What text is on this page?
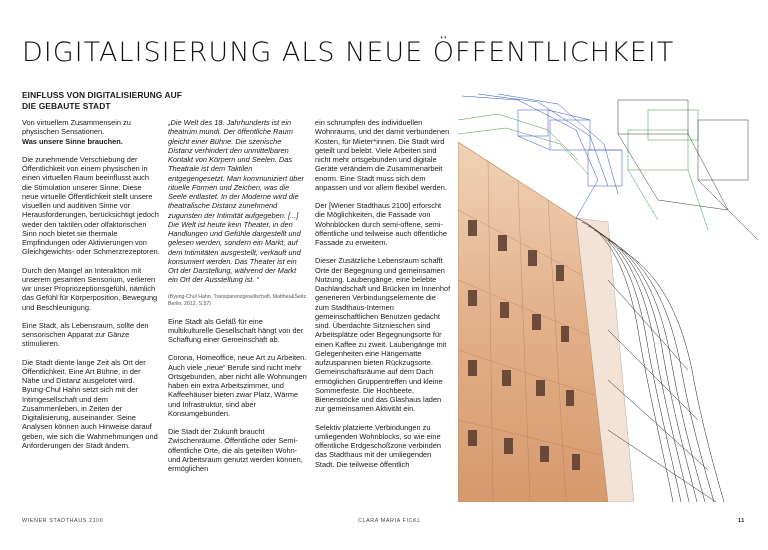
DIGITALISIERUNG ALS NEUE ÖFFENTLICHKEIT
EINFLUSS VON DIGITALISIERUNG AUF DIE GEBAUTE STADT

Von virtuellem Zusammensein zu physischen Sensationen.
Was unsere Sinne brauchen.

Die zunehmende Verschiebung der Öffentlichkeit von einem physischen in einen virtuellen Raum beeinflusst auch die Stimulation unserer Sinne. Diese neue virtuelle Öffentlichkeit stellt unsere visuellen und auditiven Sinne vor Herausforderungen, berücksichtigt jedoch weder den taktilen oder olfaktorischen Sinn noch bietet sie thermale Empfindungen oder Aktivierungen von Gleichgewichts- oder Schmerzrezeptoren.

Durch den Mangel an Interaktion mit unserem gesamten Sensorium, verlieren wir unser Propriozeptionsgefühl, nämlich das Gefühl für Körperposition, Bewegung und Beschleunigung.

Eine Stadt, als Lebensraum, sollte den sensorischen Apparat zur Gänze stimulieren.

Die Stadt diente lange Zeit als Ort der Öffentlichkeit. Eine Art Bühne, in der Nähe und Distanz ausgelotet wird. Byung-Chul Hahn setzt sich mit der Intimgesellschaft und dem Zusammenleben, in Zeiten der Digitalisierung, auseinander. Seine Analysen können auch Hinweise darauf geben, wie sich die Wahrnehmungen und Anforderungen der Stadt ändern.

„Die Welt des 18. Jahrhunderts ist ein theatrum mundi. Der öffentliche Raum gleicht einer Bühne. Die szenische Distanz verhindert den unmittelbaren Kontakt von Körpern und Seelen. Das Theatrale ist dem Taktilen entgegengesetzt. Man kommuniziert über rituelle Formen und Zeichen, was die Seele entlastet. In der Moderne wird die theatralische Distanz zunehmend zugunsten der Intimität aufgegeben. [...] Die Welt ist heute kein Theater, in den Handlungen und Gefühle dargestellt und gelesen werden, sondern ein Markt, auf dem Intimitäten ausgestellt, verkauft und konsumiert werden. Das Theater ist ein Ort der Darstellung, während der Markt ein Ort der Ausstellung ist. “

(Byung-Chul Hahn, Transparenzgesellschaft, Matthes&Seitz Berlin, 2012, S.57)

Eine Stadt als Gefäß für eine multikulturelle Gesellschaft hängt von der Schaffung einer Gemeinschaft ab.

Corona, Homeoffice, neue Art zu Arbeiten. Auch viele „neue“ Berufe sind nicht mehr Ortsgebunden, aber nicht alle Wohnungen haben ein extra Arbeitszimmer, und Kaffeehäuser bieten zwar Platz, Wärme und Infrastruktur, sind aber Konsumgebunden.

Die Stadt der Zukunft braucht Zwischenräume. Öffentliche oder Semi-öffentliche Orte, die als geteilten Wohn- und Arbeitsraum genutzt werden können, ermöglichen

ein schrumpfen des individuellen Wohnraums, und der damit verbundenen Kosten, für Mieter*innen. Die Stadt wird geteilt und belebt. Viele Arbeiten sind nicht mehr ortsgebunden und digitale Geräte verändern die Zusammenarbeit enorm. Eine Stadt muss sich dem anpassen und vor allem flexibel werden.

Der [Wiener Stadthaus 2100] erforscht die Möglichkeiten, die Fassade von Wohnblöcken durch semi-offene, semi-öffentliche und teilweise auch öffentliche Fassade zu erweitern.

Dieser Zusätzliche Lebensraum schafft Orte der Begegnung und gemeinsamen Nutzung. Laubengänge, eine belebte Dachlandschaft und Brücken im Innenhof generieren Verbindungselemente die zum Stadthaus-Internen gemeinschaftlichen Benutzen gedacht sind. Überdachte Sitznieschen sind Arbeitsplätze oder Begegnungsorte für einen Kaffee zu zweit. Laubengänge mit Gelegenheiten eine Hängematte aufzuspannen bieten Rückzugsorte. Gemeinschaftsräume auf dem Dach ermöglichen Gruppentreffen und kleine Sommerfeste. Die Hochbeete, Bienenstöcke und das Glashaus laden zur gemeinsamen Aktivität ein.

Selektiv platzierte Verbindungen zu umliegenden Wohnblocks, so wie eine öffentliche Erdgeschoßzone verbinden das Stadthaus mit der umliegenden Stadt. Die teilweise öffentlich

WIENER STADTHAUS 2100	CLARA MARIA FICKL	11
